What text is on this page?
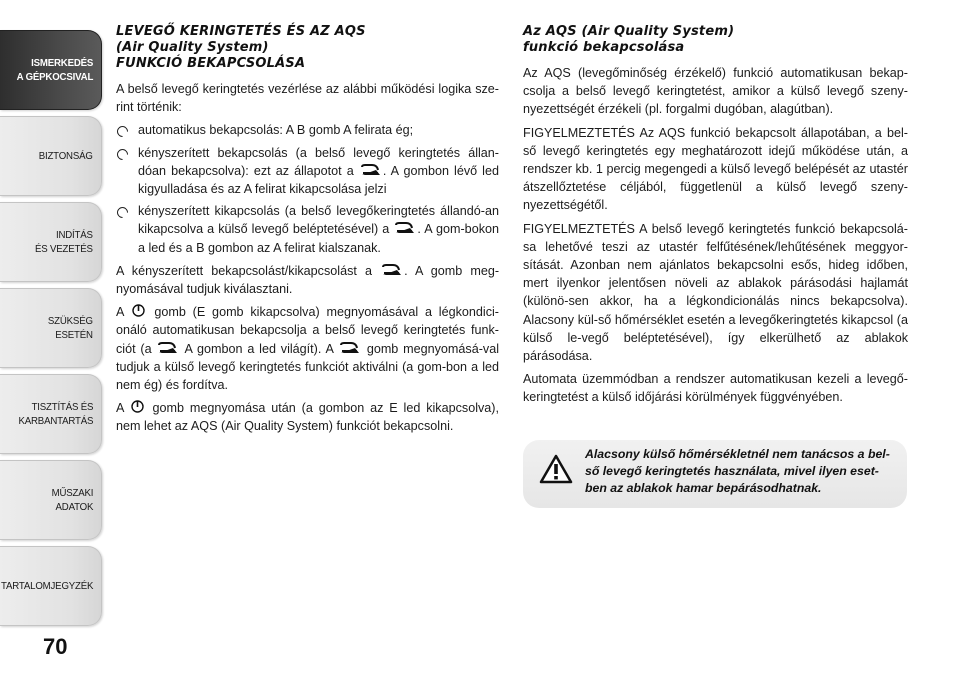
ISMERKEDÉS
A GÉPKOCSIVAL
BIZTONSÁG
INDÍTÁS
ÉS VEZETÉS
SZÜKSÉG
ESETÉN
TISZTÍTÁS ÉS
KARBANTARTÁS
MŰSZAKI
ADATOK
TARTALOMJEGYZÉK
70
LEVEGŐ KERINGTETÉS ÉS AZ AQS
(Air Quality System)
FUNKCIÓ BEKAPCSOLÁSA

A belső levegő keringtetés vezérlése az alábbi működési logika sze-rint történik:

automatikus bekapcsolás: A B gomb A felirata ég;
kényszerített bekapcsolás (a belső levegő keringtetés állan-dóan bekapcsolva): ezt az állapotot a . A gombon lévő led kigyulladása és az A felirat kikapcsolása jelzi
kényszerített kikapcsolás (a belső levegőkeringtetés állandó-an kikapcsolva a külső levegő beléptetésével) a . A gom-bokon a led és a B gombon az A felirat kialszanak.

A kényszerített bekapcsolást/kikapcsolást a	. A gomb meg-nyomásával tudjuk kiválasztani.

A gomb (E gomb kikapcsolva) megnyomásával a légkondici-onáló automatikusan bekapcsolja a belső levegő keringtetés funk-ciót (a	A gombon a led világít). A	gomb megnyomásá-val tudjuk a külső levegő keringtetés funkciót aktiválni (a gom-bon a led nem ég) és fordítva.

A gomb megnyomása után (a gombon az E led kikapcsolva), nem lehet az AQS (Air Quality System) funkciót bekapcsolni.

Az AQS (Air Quality System)
funkció bekapcsolása

Az AQS (levegőminőség érzékelő) funkció automatikusan bekap-csolja a belső levegő keringtetést, amikor a külső levegő szeny-nyezettségét érzékeli (pl. forgalmi dugóban, alagútban).

FIGYELMEZTETÉS Az AQS funkció bekapcsolt állapotában, a bel-ső levegő keringtetés egy meghatározott idejű működése után, a rendszer kb. 1 percig megengedi a külső levegő belépését az utastér átszellőztetése céljából, függetlenül a külső levegő szeny-nyezettségétől.

FIGYELMEZTETÉS A belső levegő keringtetés funkció bekapcsolá-sa lehetővé teszi az utastér felfűtésének/lehűtésének meggyor-sítását. Azonban nem ajánlatos bekapcsolni esős, hideg időben, mert ilyenkor jelentősen növeli az ablakok párásodási hajlamát (különö-sen akkor, ha a légkondicionálás nincs bekapcsolva). Alacsony kül-ső hőmérséklet esetén a levegőkeringtetés kikapcsol (a külső le-vegő beléptetésével), így elkerülhető az ablakok párásodása.

Automata üzemmódban a rendszer automatikusan kezeli a levegő-keringtetést a külső időjárási körülmények függvényében.

Alacsony külső hőmérsékletnél nem tanácsos a bel-ső levegő keringtetés használata, mivel ilyen eset-ben az ablakok hamar bepárásodhatnak.
